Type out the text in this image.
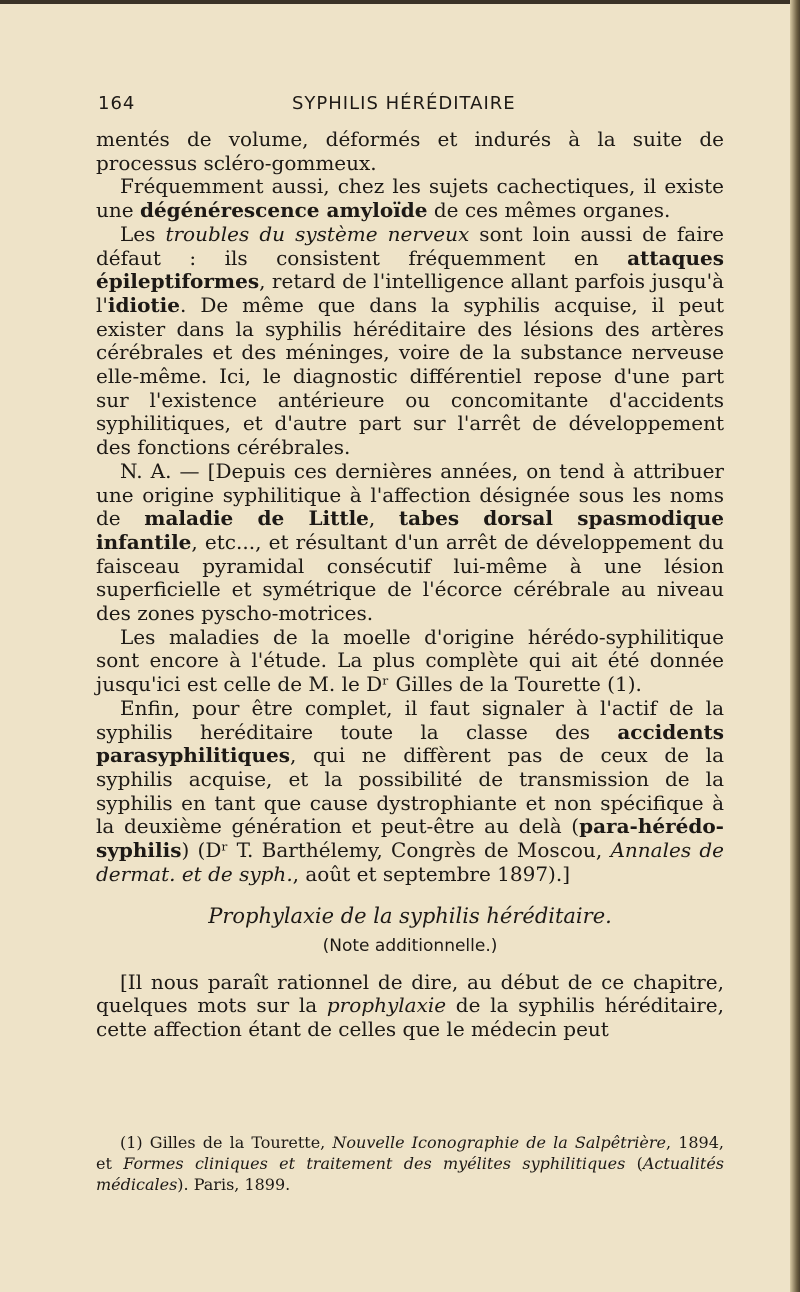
164	SYPHILIS HÉRÉDITAIRE

mentés de volume, déformés et indurés à la suite de processus scléro-gommeux.

Fréquemment aussi, chez les sujets cachectiques, il existe une dégénérescence amyloïde de ces mêmes organes.

Les troubles du système nerveux sont loin aussi de faire défaut : ils consistent fréquemment en attaques épileptiformes, retard de l'intelligence allant parfois jusqu'à l'idiotie. De même que dans la syphilis acquise, il peut exister dans la syphilis héréditaire des lésions des artères cérébrales et des méninges, voire de la substance nerveuse elle-même. Ici, le diagnostic différentiel repose d'une part sur l'existence antérieure ou concomitante d'accidents syphilitiques, et d'autre part sur l'arrêt de développement des fonctions cérébrales.

N. A. — [Depuis ces dernières années, on tend à attribuer une origine syphilitique à l'affection désignée sous les noms de maladie de Little, tabes dorsal spasmodique infantile, etc..., et résultant d'un arrêt de développement du faisceau pyramidal consécutif lui-même à une lésion superficielle et symétrique de l'écorce cérébrale au niveau des zones pyscho-motrices.

Les maladies de la moelle d'origine hérédo-syphilitique sont encore à l'étude. La plus complète qui ait été donnée jusqu'ici est celle de M. le Dʳ Gilles de la Tourette (1).

Enfin, pour être complet, il faut signaler à l'actif de la syphilis heréditaire toute la classe des accidents parasyphilitiques, qui ne diffèrent pas de ceux de la syphilis acquise, et la possibilité de transmission de la syphilis en tant que cause dystrophiante et non spécifique à la deuxième génération et peut-être au delà (para-hérédo-syphilis) (Dʳ T. Barthélemy, Congrès de Moscou, Annales de dermat. et de syph., août et septembre 1897).]

Prophylaxie de la syphilis héréditaire.

(Note additionnelle.)

[Il nous paraît rationnel de dire, au début de ce chapitre, quelques mots sur la prophylaxie de la syphilis héréditaire, cette affection étant de celles que le médecin peut

(1) Gilles de la Tourette, Nouvelle Iconographie de la Salpêtrière, 1894, et Formes cliniques et traitement des myélites syphilitiques (Actualités médicales). Paris, 1899.
